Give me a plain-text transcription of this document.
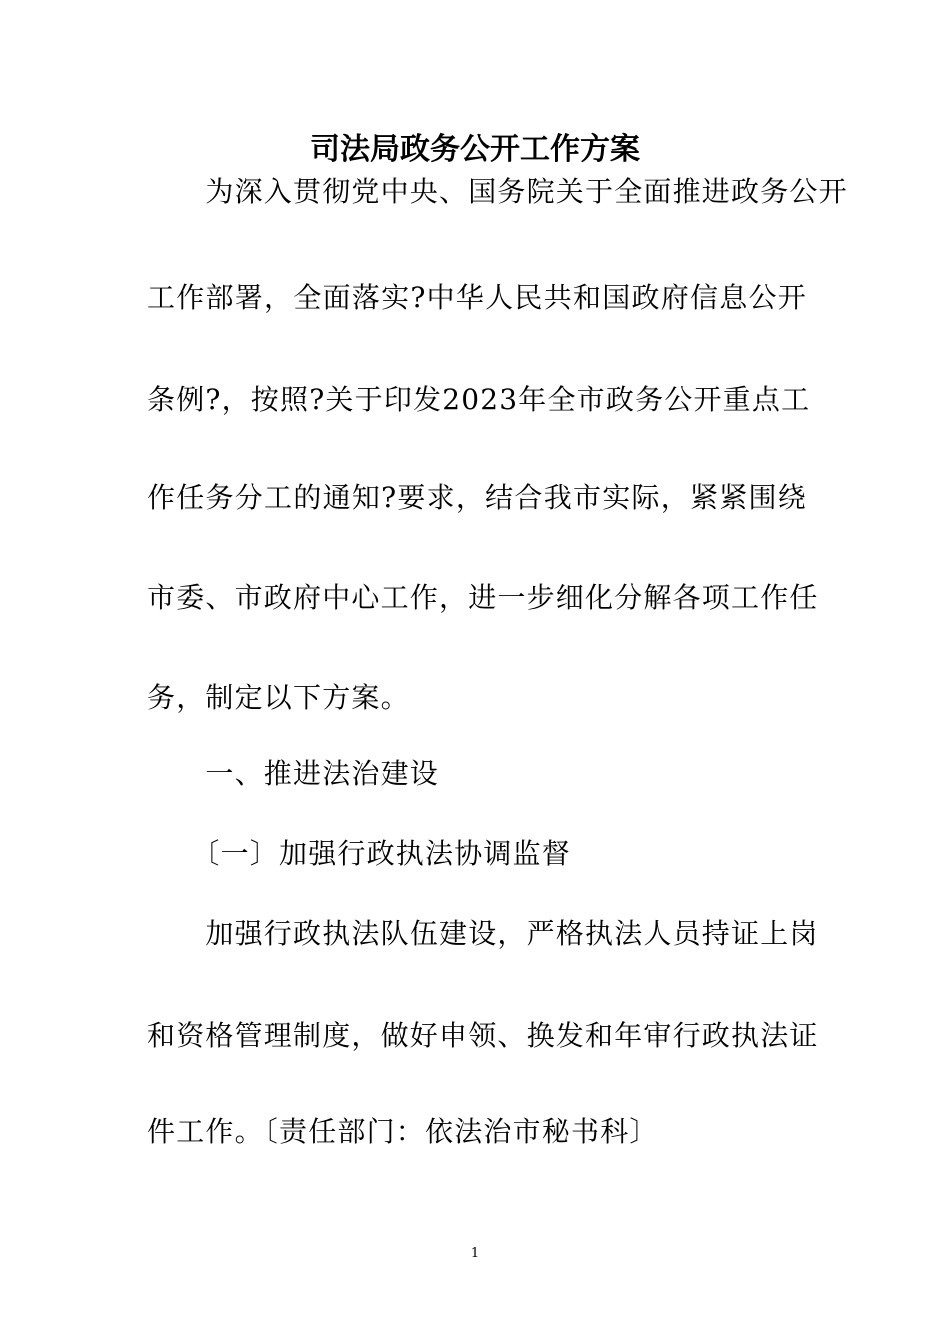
司法局政务公开工作方案
　　为深入贯彻党中央、国务院关于全面推进政务公开
工作部署，全面落实?中华人民共和国政府信息公开
条例?，按照?关于印发2023年全市政务公开重点工
作任务分工的通知?要求，结合我市实际，紧紧围绕
市委、市政府中心工作，进一步细化分解各项工作任
务，制定以下方案。
　　一、推进法治建设
　　〔一〕加强行政执法协调监督
　　加强行政执法队伍建设，严格执法人员持证上岗
和资格管理制度，做好申领、换发和年审行政执法证
件工作。〔责任部门：依法治市秘书科〕
1
